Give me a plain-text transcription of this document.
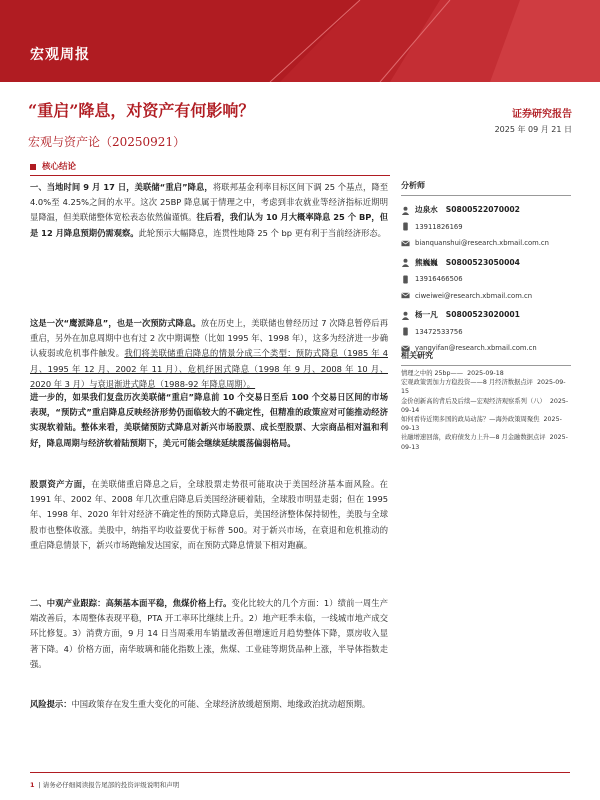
宏观周报
证券研究报告
2025 年 09 月 21 日
“重启”降息，对资产有何影响？
宏观与资产论（20250921）
核心结论
一、当地时间 9 月 17 日，美联储“重启”降息，将联邦基金利率目标区间下调 25 个基点，降至 4.0%至 4.25%之间的水平。这次 25BP 降息属于情理之中，考虑到非农就业等经济指标近期明显降温，但美联储整体宽松表态依然偏谨慎。往后看，我们认为 10 月大概率降息 25 个 BP，但是 12 月降息预期仍需观察。此轮预示大幅降息，连贯性地降 25 个 bp 更有利于当前经济形态。
这是一次“鹰派降息”，也是一次预防式降息。放在历史上，美联储也曾经历过 7 次降息暂停后再重启，另外在加息周期中也有过 2 次中期调整（比如 1995 年、1998 年），这多为经济进一步确认疲弱或危机事件触发。我们将美联储重启降息的情景分成三个类型：预防式降息（1985 年 4 月、1995 年 12 月、2002 年 11 月）、危机纾困式降息（1998 年 9 月、2008 年 10 月、2020 年 3 月）与衰退渐进式降息（1988-92 年降息周期）。
进一步的，如果我们复盘历次美联储“重启”降息前 10 个交易日至后 100 个交易日区间的市场表现，“预防式”重启降息反映经济形势仍面临较大的不确定性，但精准的政策应对可能推动经济实现软着陆。整体来看，美联储预防式降息对新兴市场股票、成长型股票、大宗商品相对温和利好，降息周期与经济软着陆预期下，美元可能会继续延续震荡偏弱格局。
股票资产方面，在美联储重启降息之后，全球股票走势很可能取决于美国经济基本面风险。在 1991 年、2002 年、2008 年几次重启降息后美国经济硬着陆，全球股市明显走弱；但在 1995 年、1998 年、2020 年针对经济不确定性的预防式降息后，美国经济整体保持韧性，美股与全球股市也整体收涨。美股中，纳指平均收益要优于标普 500。对于新兴市场，在衰退和危机推动的重启降息情景下，新兴市场跑输发达国家，而在预防式降息情景下相对跑赢。
二、中观产业跟踪：高频基本面平稳，焦煤价格上行。变化比较大的几个方面：1）绩前一周生产端改善后，本周整体表现平稳，PTA 开工率环比继续上升。2）地产旺季未临，一线城市地产成交环比修复。3）消费方面，9 月 14 日当周乘用车销量改善但增速近月趋势整体下降，票房收入显著下降。4）价格方面，南华玻璃和能化指数上涨，焦煤、工业硅等期货品种上涨，半导体指数走强。
风险提示：中国政策存在发生重大变化的可能、全球经济放缓超预期、地缘政治扰动超预期。
分析师
边泉水 S0800522070002
13911826169
bianquanshui@research.xbmail.com.cn
熊巍巍 S0800523050004
13916466506
ciweiwei@research.xbmail.com.cn
杨一凡 S0800523020001
13472533756
yangyifan@research.xbmail.com.cn
相关研究
情理之中的 25bp—— 2025-09-18
宏观政策需加力方稳投资——8 月经济数据点评 2025-09-15
金价创新高的背后及后续—宏观经济观察系列（八） 2025-09-14
如何看待近期多国的政局动荡？—海外政策周聚焦 2025-09-13
社融增速回落，政府债发力上升—8 月金融数据点评 2025-09-13
1 | 请务必仔细阅读报告尾部的投资评级说明和声明
